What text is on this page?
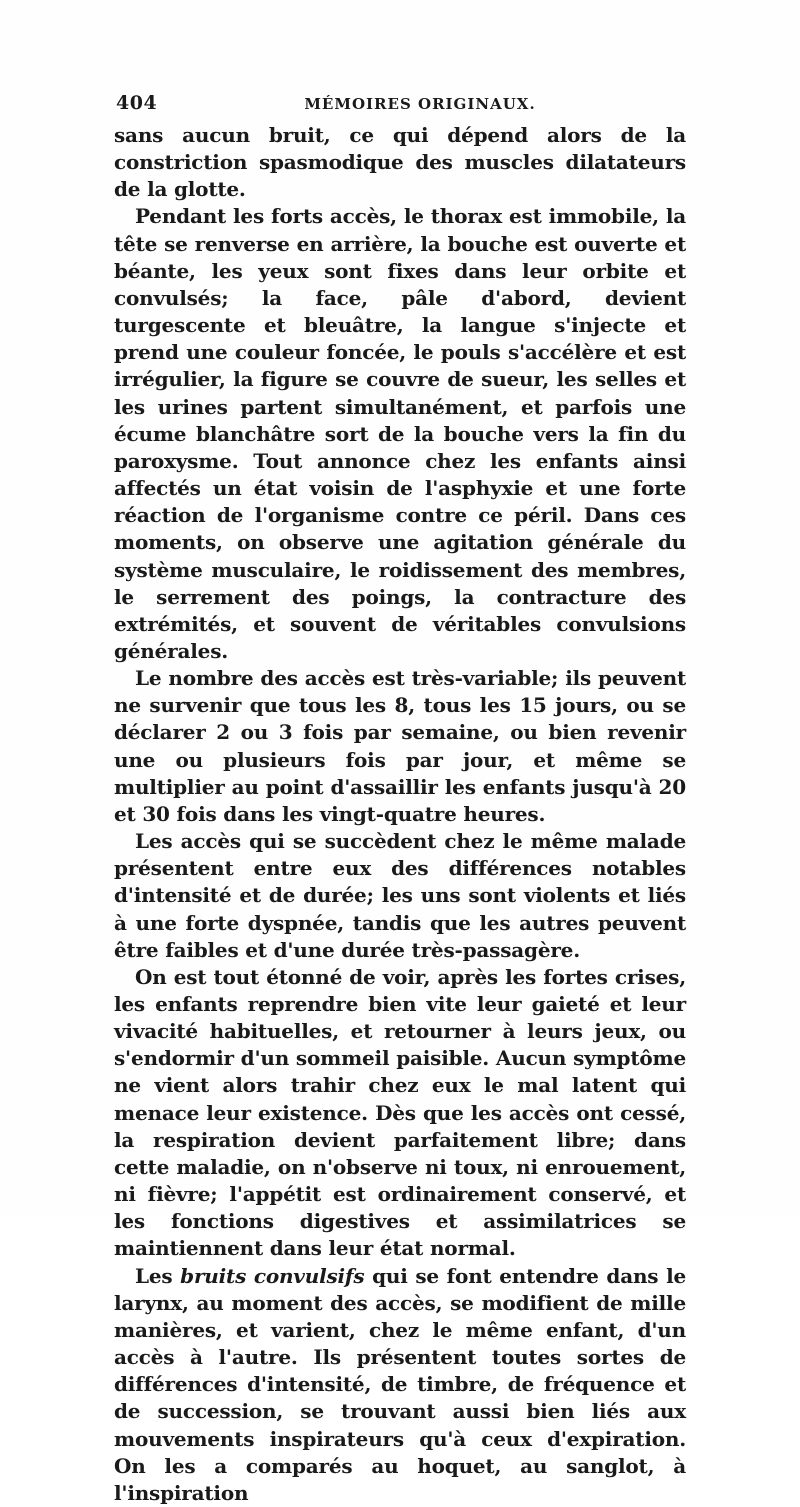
404	MÉMOIRES ORIGINAUX.

sans aucun bruit, ce qui dépend alors de la constriction spasmodique des muscles dilatateurs de la glotte.

Pendant les forts accès, le thorax est immobile, la tête se renverse en arrière, la bouche est ouverte et béante, les yeux sont fixes dans leur orbite et convulsés; la face, pâle d'abord, devient turgescente et bleuâtre, la langue s'injecte et prend une couleur foncée, le pouls s'accélère et est irrégulier, la figure se couvre de sueur, les selles et les urines partent simultanément, et parfois une écume blanchâtre sort de la bouche vers la fin du paroxysme. Tout annonce chez les enfants ainsi affectés un état voisin de l'asphyxie et une forte réaction de l'organisme contre ce péril. Dans ces moments, on observe une agitation générale du système musculaire, le roidissement des membres, le serrement des poings, la contracture des extrémités, et souvent de véritables convulsions générales.

Le nombre des accès est très-variable; ils peuvent ne survenir que tous les 8, tous les 15 jours, ou se déclarer 2 ou 3 fois par semaine, ou bien revenir une ou plusieurs fois par jour, et même se multiplier au point d'assaillir les enfants jusqu'à 20 et 30 fois dans les vingt-quatre heures.

Les accès qui se succèdent chez le même malade présentent entre eux des différences notables d'intensité et de durée; les uns sont violents et liés à une forte dyspnée, tandis que les autres peuvent être faibles et d'une durée très-passagère.

On est tout étonné de voir, après les fortes crises, les enfants reprendre bien vite leur gaieté et leur vivacité habituelles, et retourner à leurs jeux, ou s'endormir d'un sommeil paisible. Aucun symptôme ne vient alors trahir chez eux le mal latent qui menace leur existence. Dès que les accès ont cessé, la respiration devient parfaitement libre; dans cette maladie, on n'observe ni toux, ni enrouement, ni fièvre; l'appétit est ordinairement conservé, et les fonctions digestives et assimilatrices se maintiennent dans leur état normal.

Les bruits convulsifs qui se font entendre dans le larynx, au moment des accès, se modifient de mille manières, et varient, chez le même enfant, d'un accès à l'autre. Ils présentent toutes sortes de différences d'intensité, de timbre, de fréquence et de succession, se trouvant aussi bien liés aux mouvements inspirateurs qu'à ceux d'expiration. On les a comparés au hoquet, au sanglot, à l'inspiration
